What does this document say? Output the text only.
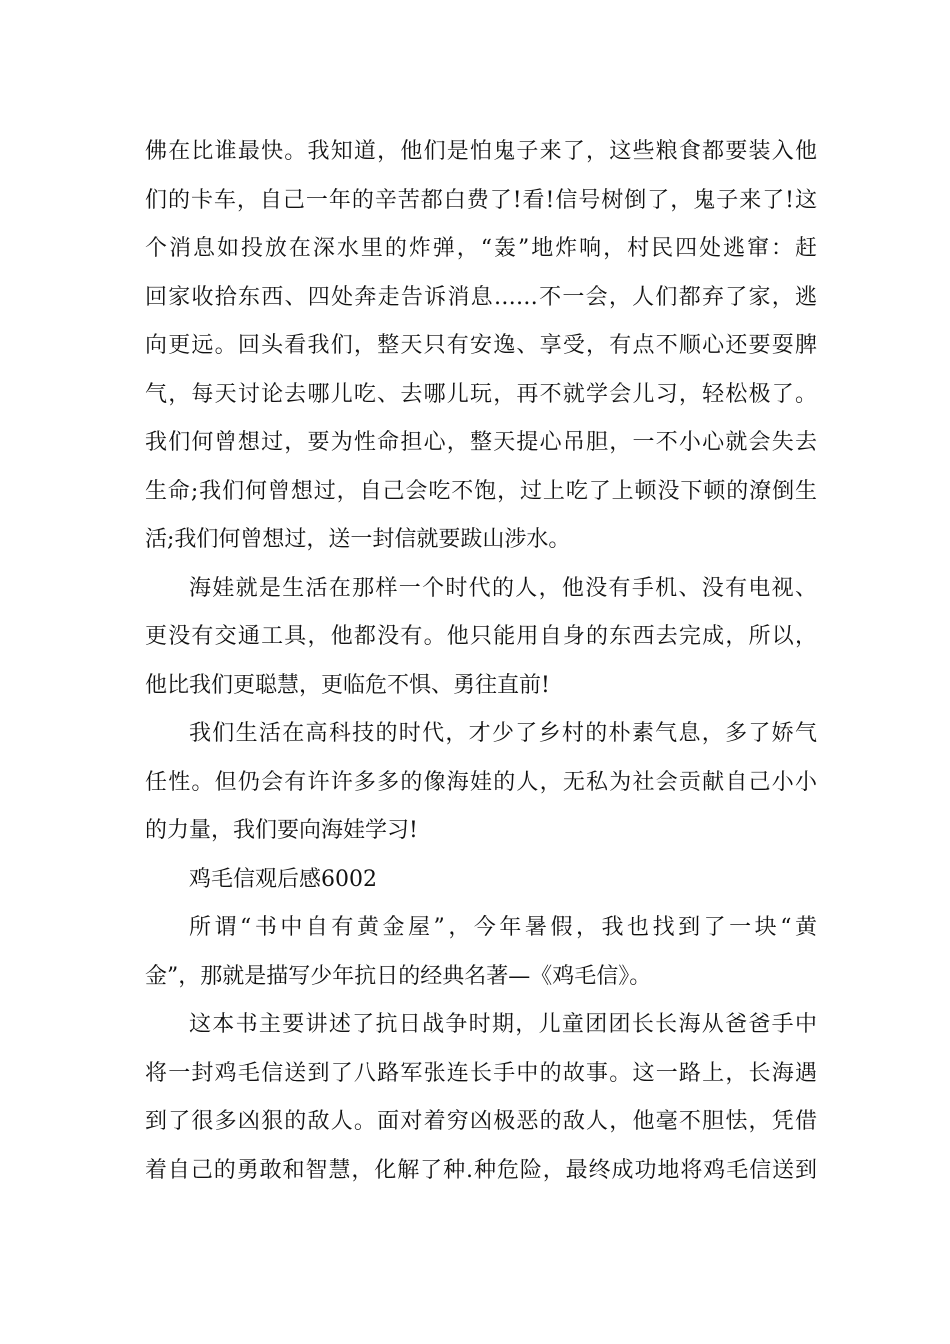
佛在比谁最快。我知道，他们是怕鬼子来了，这些粮食都要装入他
们的卡车，自己一年的辛苦都白费了!看!信号树倒了，鬼子来了!这
个消息如投放在深水里的炸弹，“轰”地炸响，村民四处逃窜：赶
回家收拾东西、四处奔走告诉消息……不一会，人们都弃了家，逃
向更远。回头看我们，整天只有安逸、享受，有点不顺心还要耍脾
气，每天讨论去哪儿吃、去哪儿玩，再不就学会儿习，轻松极了。
我们何曾想过，要为性命担心，整天提心吊胆，一不小心就会失去
生命;我们何曾想过，自己会吃不饱，过上吃了上顿没下顿的潦倒生
活;我们何曾想过，送一封信就要跋山涉水。
海娃就是生活在那样一个时代的人，他没有手机、没有电视、
更没有交通工具，他都没有。他只能用自身的东西去完成，所以，
他比我们更聪慧，更临危不惧、勇往直前!
我们生活在高科技的时代，才少了乡村的朴素气息，多了娇气
任性。但仍会有许许多多的像海娃的人，无私为社会贡献自己小小
的力量，我们要向海娃学习!
鸡毛信观后感6002
所谓“书中自有黄金屋”，今年暑假，我也找到了一块“黄
金”，那就是描写少年抗日的经典名著—《鸡毛信》。
这本书主要讲述了抗日战争时期，儿童团团长长海从爸爸手中
将一封鸡毛信送到了八路军张连长手中的故事。这一路上，长海遇
到了很多凶狠的敌人。面对着穷凶极恶的敌人，他毫不胆怯，凭借
着自己的勇敢和智慧，化解了种.种危险，最终成功地将鸡毛信送到
